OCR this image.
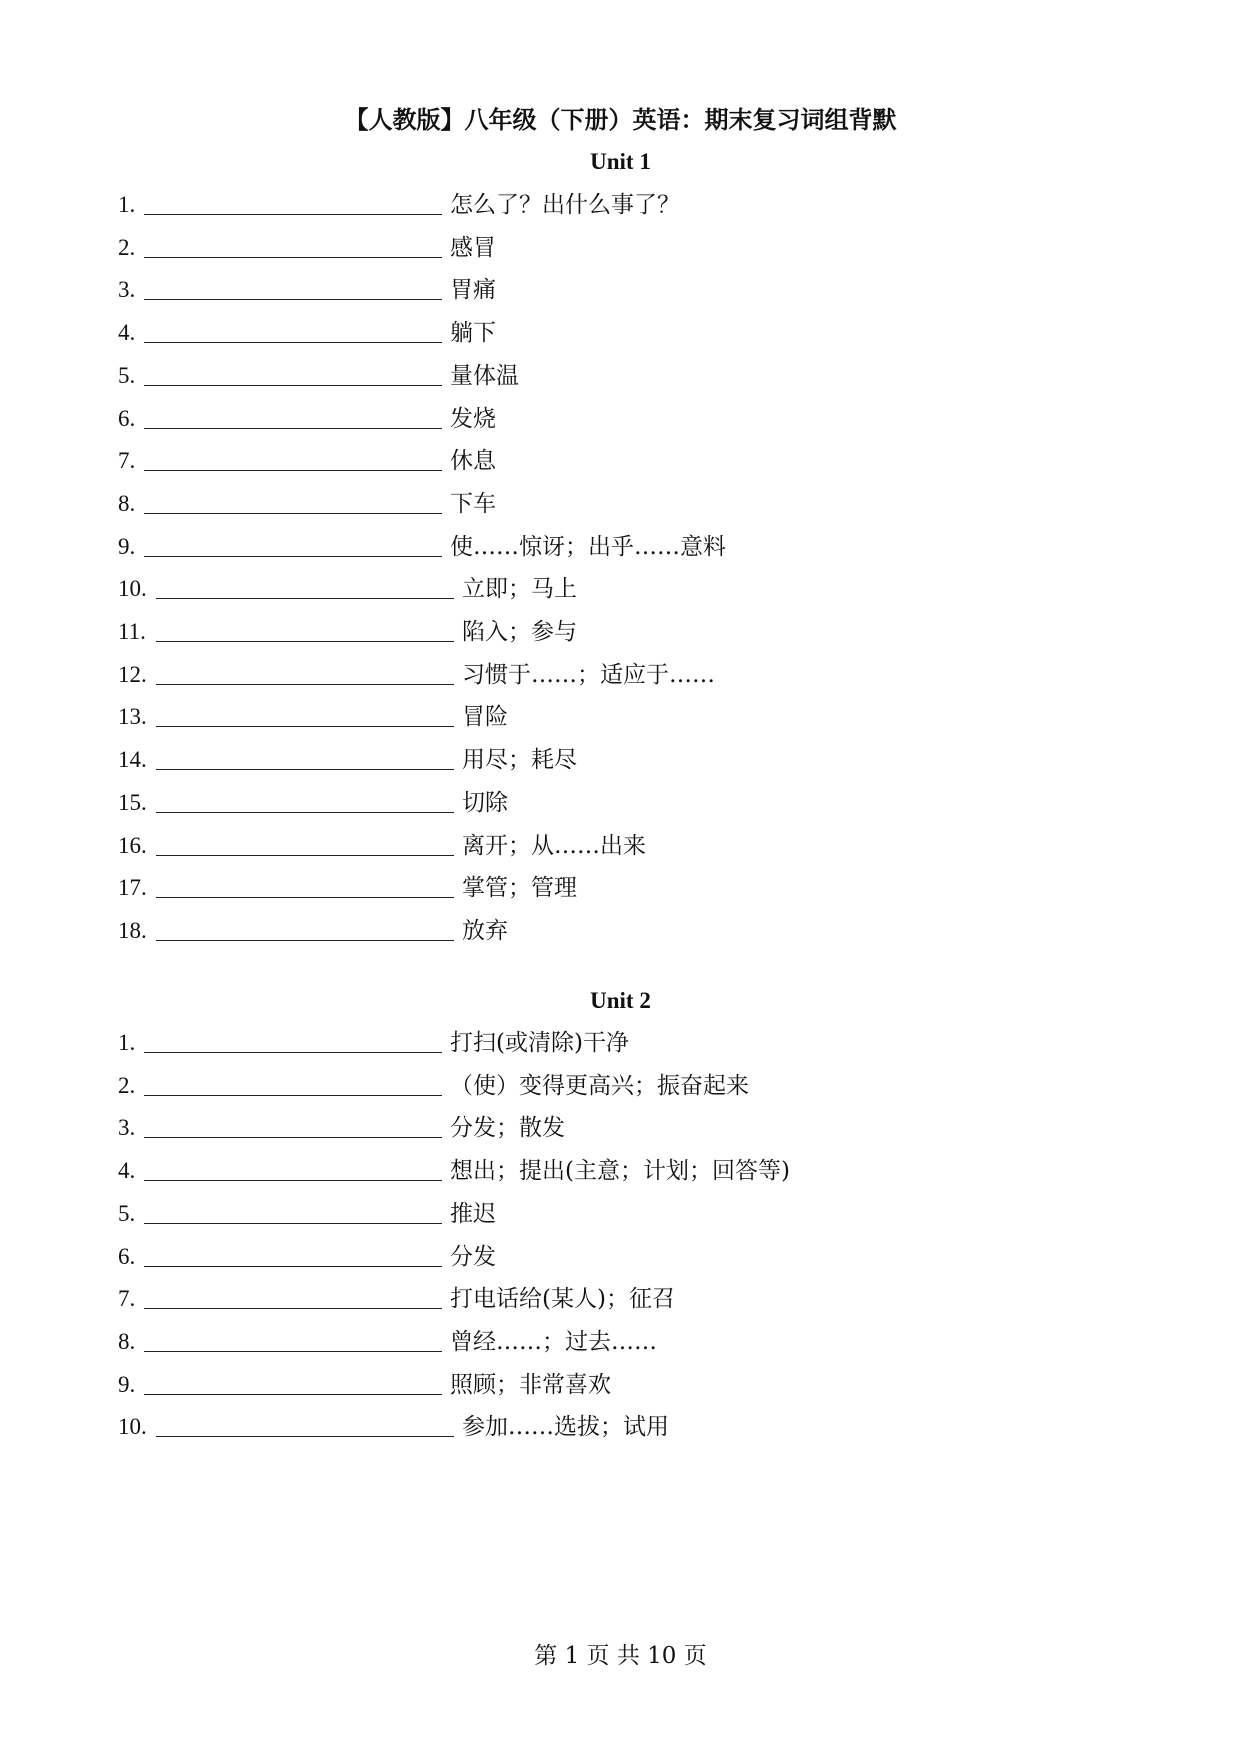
【人教版】八年级（下册）英语：期末复习词组背默
Unit 1
1.	怎么了？出什么事了？
2.	感冒
3.	胃痛
4.	躺下
5.	量体温
6.	发烧
7.	休息
8.	下车
9.	使……惊讶；出乎……意料
10.	立即；马上
11.	陷入；参与
12.	习惯于……；适应于……
13.	冒险
14.	用尽；耗尽
15.	切除
16.	离开；从……出来
17.	掌管；管理
18.	放弃
Unit 2
1.	打扫(或清除)干净
2.	（使）变得更高兴；振奋起来
3.	分发；散发
4.	想出；提出(主意；计划；回答等)
5.	推迟
6.	分发
7.	打电话给(某人)；征召
8.	曾经……；过去……
9.	照顾；非常喜欢
10.	参加……选拔；试用
第 1 页 共 10 页
